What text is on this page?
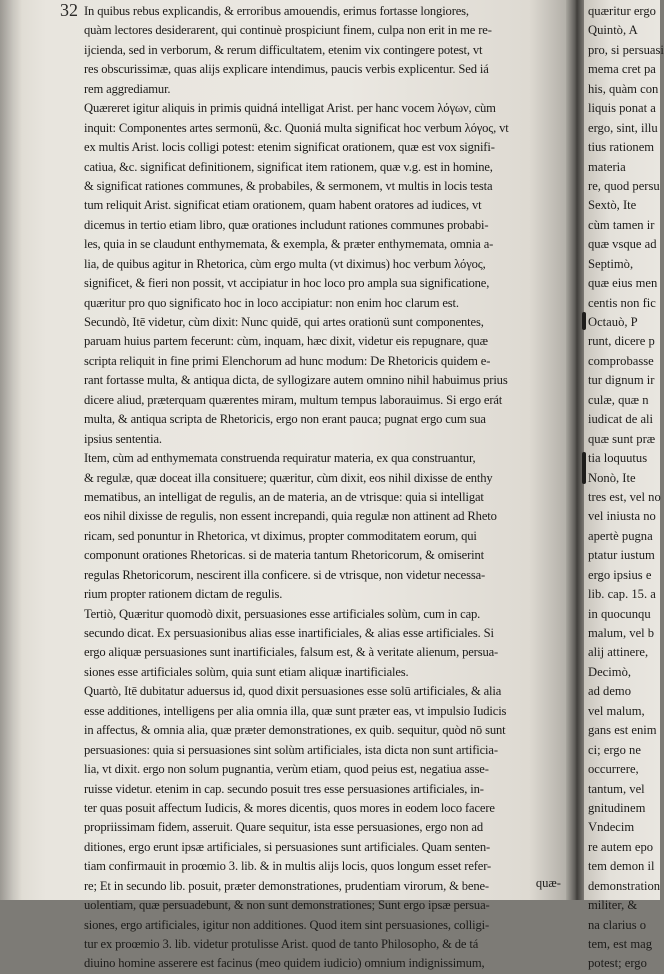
32 In quibus rebus explicandis, & erroribus amouendis, erimus fortasse longiores,
quàm lectores desiderarent, qui continuè prospiciunt finem, culpa non erit in me re-
ijcienda, sed in verborum, & rerum difficultatem, etenim vix contingere potest, vt
res obscurissimæ, quas alijs explicare intendimus, paucis verbis explicentur. Sed iá
rem aggrediamur.
Quæreret igitur aliquis in primis quidná intelligat Arist. per hanc vocem λόγων, cùm
inquit: Componentes artes sermonü, &c. Quoniá multa significat hoc verbum λόγος, vt
ex multis Arist. locis colligi potest: etenim significat orationem, quæ est vox signifi-
catiua, &c. significat definitionem, significat item rationem, quæ v.g. est in homine,
& significat rationes communes, & probabiles, & sermonem, vt multis in locis testa
tum reliquit Arist. significat etiam orationem, quam habent oratores ad iudices, vt
dicemus in tertio etiam libro, quæ orationes includunt rationes communes probabi-
les, quia in se claudunt enthymemata, & exempla, & præter enthymemata, omnia a-
lia, de quibus agitur in Rhetorica, cùm ergo multa (vt diximus) hoc verbum λόγος,
significet, & fieri non possit, vt accipiatur in hoc loco pro ampla sua significatione,
quæritur pro quo significato hoc in loco accipiatur: non enim hoc clarum est.
Secundò, Itē videtur, cùm dixit: Nunc quidē, qui artes orationü sunt componentes,
paruam huius partem fecerunt: cùm, inquam, hæc dixit, videtur eis repugnare, quæ
scripta reliquit in fine primi Elenchorum ad hunc modum: De Rhetoricis quidem e-
rant fortasse multa, & antiqua dicta, de syllogizare autem omnino nihil habuimus prius
dicere aliud, præterquam quærentes miram, multum tempus laborauimus. Si ergo erát
multa, & antiqua scripta de Rhetoricis, ergo non erant pauca; pugnat ergo cum sua
ipsius sententia.
Item, cùm ad enthymemata construenda requiratur materia, ex qua construantur,
& regulæ, quæ doceat illa consituere; quæritur, cùm dixit, eos nihil dixisse de enthy
mematibus, an intelligat de regulis, an de materia, an de vtrisque: quia si intelligat
eos nihil dixisse de regulis, non essent increpandi, quia regulæ non attinent ad Rheto
ricam, sed ponuntur in Rhetorica, vt diximus, propter commoditatem eorum, qui
componunt orationes Rhetoricas. si de materia tantum Rhetoricorum, & omiserint
regulas Rhetoricorum, nescirent illa conficere. si de vtrisque, non videtur necessa-
rium propter rationem dictam de regulis.
Tertiò, Quæritur quomodò dixit, persuasiones esse artificiales solùm, cum in cap.
secundo dicat. Ex persuasionibus alias esse inartificiales, & alias esse artificiales. Si
ergo aliquæ persuasiones sunt inartificiales, falsum est, & à veritate alienum, persua-
siones esse artificiales solùm, quia sunt etiam aliquæ inartificiales.
Quartò, Itē dubitatur aduersus id, quod dixit persuasiones esse solū artificiales, & alia
esse additiones, intelligens per alia omnia illa, quæ sunt præter eas, vt impulsio Iudicis
in affectus, & omnia alia, quæ præter demonstrationes, ex quib. sequitur, quòd nō sunt
persuasiones: quia si persuasiones sint solùm artificiales, ista dicta non sunt artificia-
lia, vt dixit. ergo non solum pugnantia, verùm etiam, quod peius est, negatiua asse-
ruisse videtur. etenim in cap. secundo posuit tres esse persuasiones artificiales, in-
ter quas posuit affectum Iudicis, & mores dicentis, quos mores in eodem loco facere
propriissimam fidem, asseruit. Quare sequitur, ista esse persuasiones, ergo non ad
ditiones, ergo erunt ipsæ artificiales, si persuasiones sunt artificiales. Quam senten-
tiam confirmauit in proœmio 3. lib. & in multis alijs locis, quos longum esset refer-
re; Et in secundo lib. posuit, præter demonstrationes, prudentiam virorum, & bene-
uolentiam, quæ persuadebunt, & non sunt demonstrationes; Sunt ergo ipsæ persua-
siones, ergo artificiales, igitur non additiones. Quod item sint persuasiones, colligi-
tur ex proœmio 3. lib. videtur protulisse Arist. quod de tanto Philosopho, & de tá
diuino homine asserere est facinus (meo quidem iudicio) omnium indignissimum,
quæ-
quæritur ergo
Quintò, A
pro, si persuasi
mema cret pa
his, quàm con
liquis ponat a
ergo, sint, illu
tius rationem
materia
re, quod persu
Sextò, Ite
cùm tamen ir
quæ vsque ad
Septimò,
quæ eius men
centis non fic
Octauò, P
runt, dicere p
comprobasse
tur dignum ir
culæ, quæ n
iudicat de ali
quæ sunt præ
tia loquutus
Nonò, Ite
tres est, vel no
vel iniusta no
apertè pugna
ptatur iustum
ergo ipsius e
lib. cap. 15. a
in quocunqu
malum, vel b
alij attinere,
Decimò,
ad demo
vel malum,
gans est enim
ci; ergo ne
occurrere,
tantum, vel
gnitudinem
Vndecim
re autem epo
tem demon il
demonstration
militer, &
na clarius o
tem, est mag
potest; ergo
